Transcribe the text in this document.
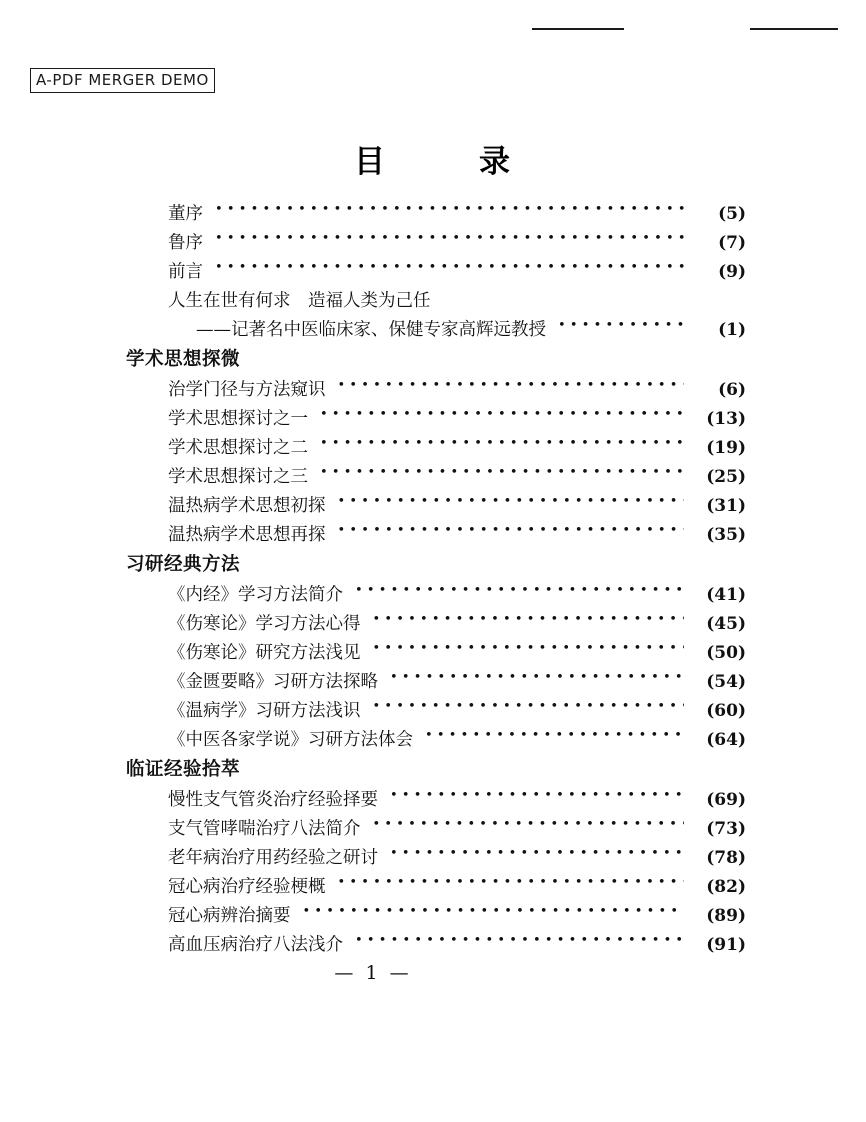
A-PDF MERGER DEMO
目	录
董序 •••••	(5)
鲁序 •••••	(7)
前言 •••••	(9)
人生在世有何求　造福人类为己任
——记著名中医临床家、保健专家高辉远教授 •••••	(1)
学术思想探微
治学门径与方法窥识 •••••	(6)
学术思想探讨之一 •••••	(13)
学术思想探讨之二 •••••	(19)
学术思想探讨之三 •••••	(25)
温热病学术思想初探 •••••	(31)
温热病学术思想再探 •••••	(35)
习研经典方法
《内经》学习方法简介 •••••	(41)
《伤寒论》学习方法心得 •••••	(45)
《伤寒论》研究方法浅见 •••••	(50)
《金匮要略》习研方法探略 •••••	(54)
《温病学》习研方法浅识 •••••	(60)
《中医各家学说》习研方法体会 •••••	(64)
临证经验拾萃
慢性支气管炎治疗经验择要 •••••	(69)
支气管哮喘治疗八法简介 •••••	(73)
老年病治疗用药经验之研讨 •••••	(78)
冠心病治疗经验梗概 •••••	(82)
冠心病辨治摘要 •••••	(89)
高血压病治疗八法浅介 •••••	(91)
— 1 —
